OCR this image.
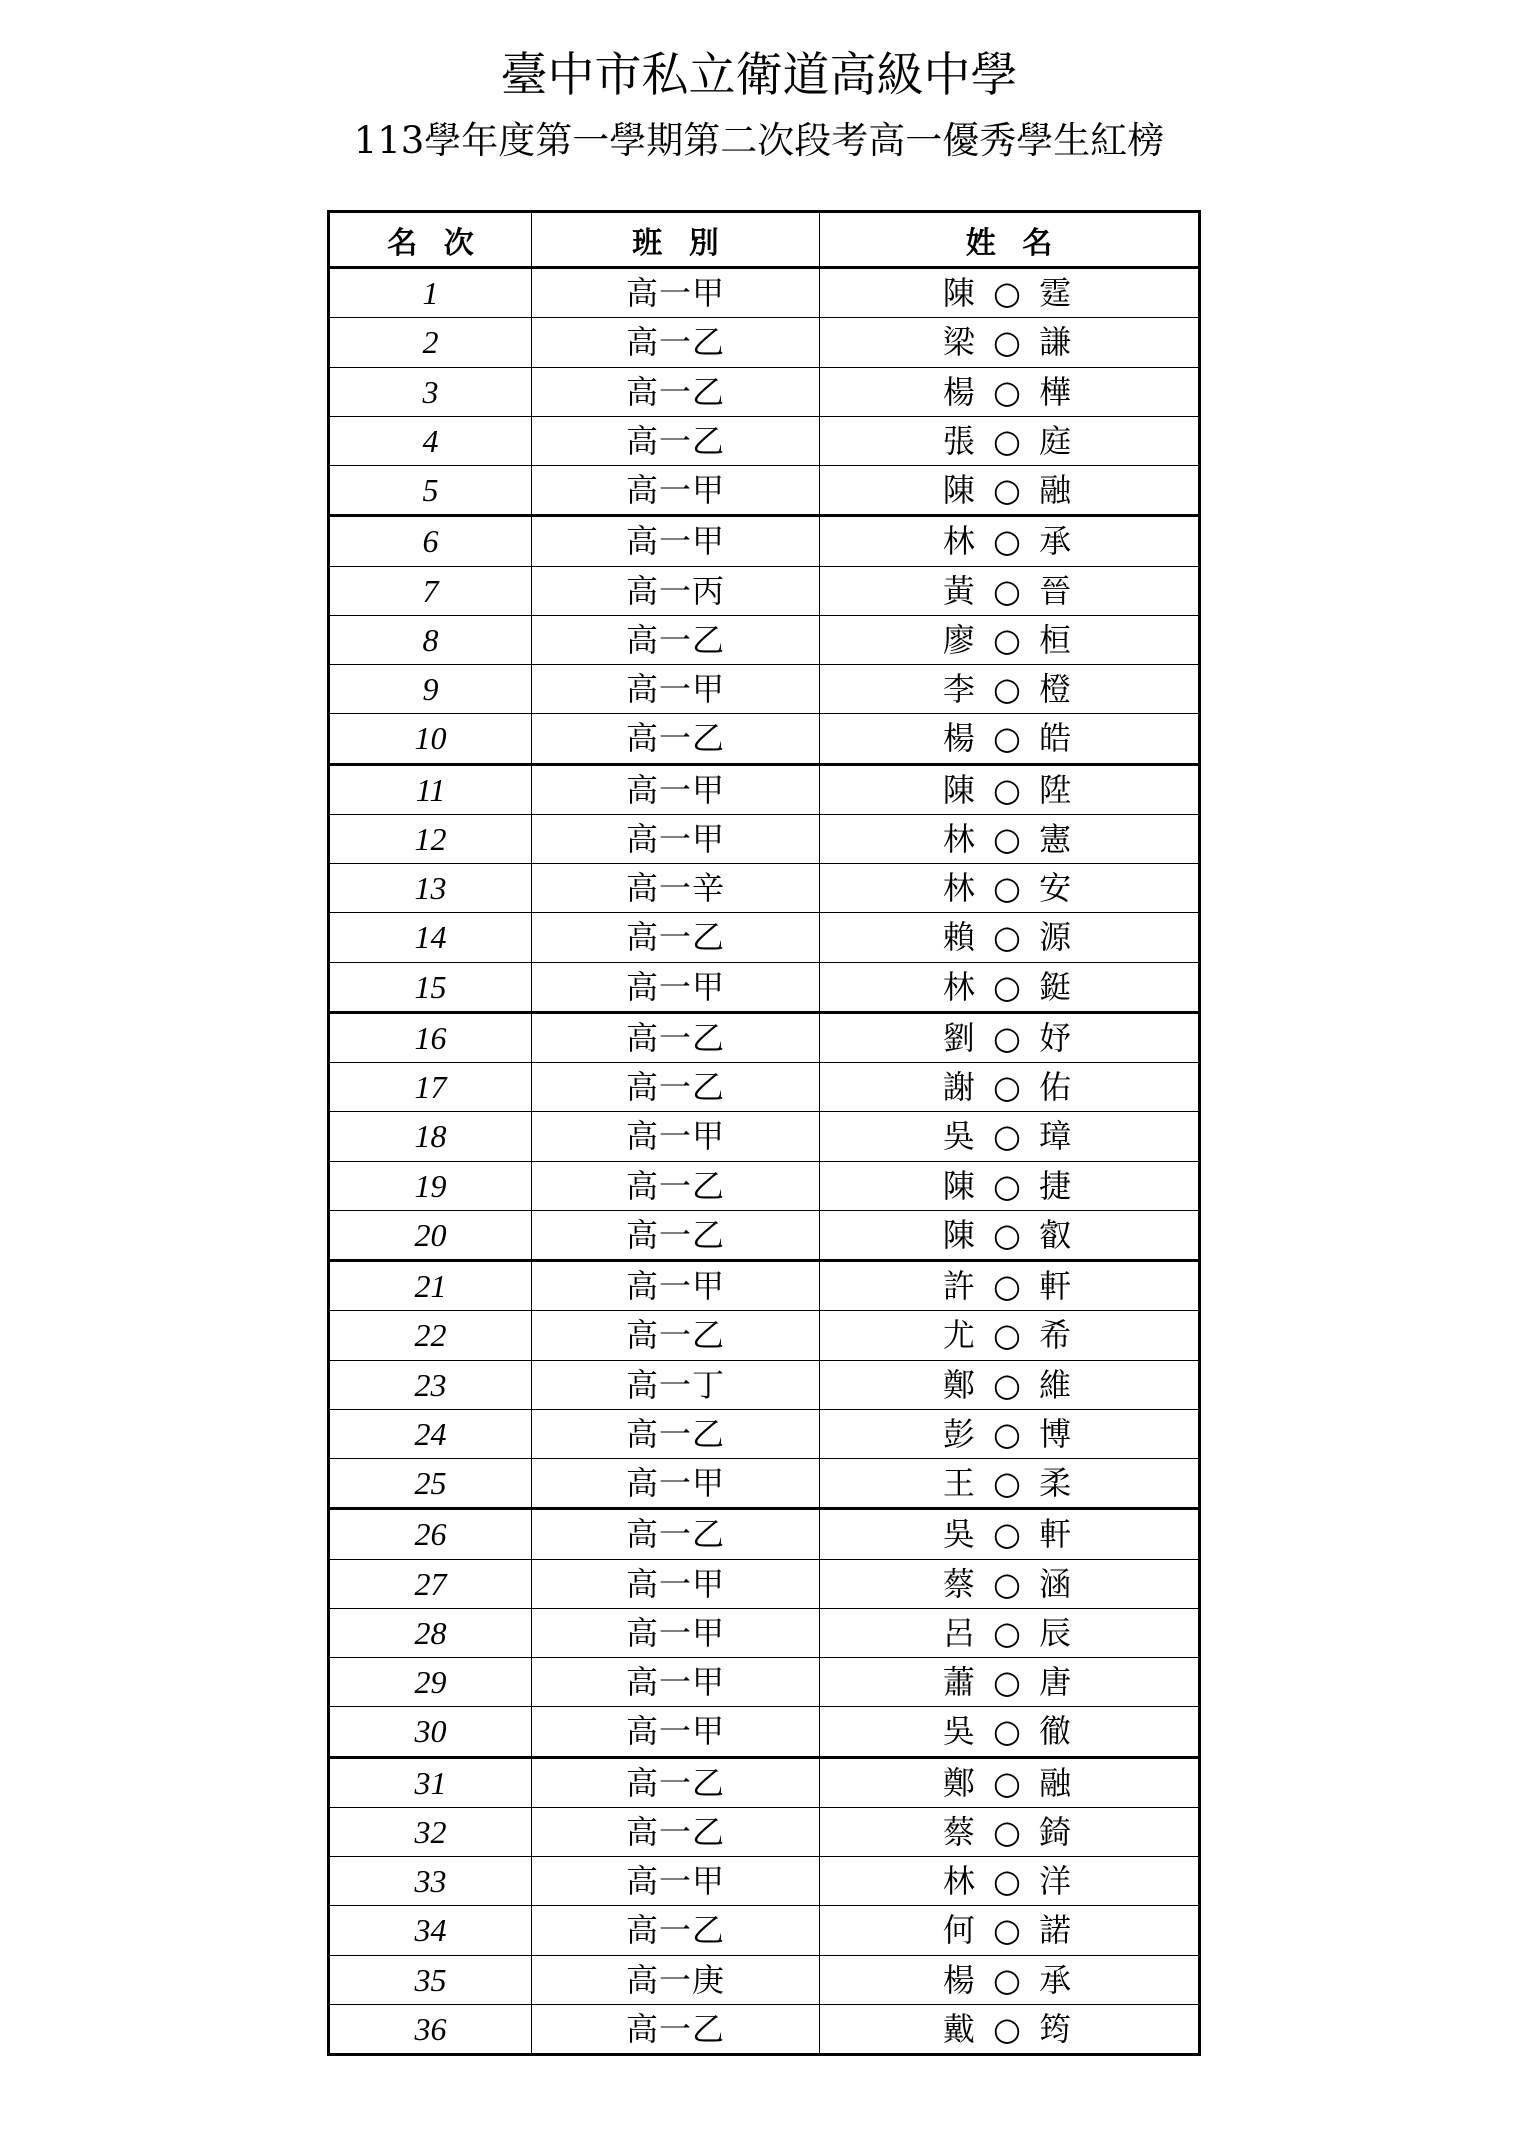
臺中市私立衛道高級中學
113學年度第一學期第二次段考高一優秀學生紅榜
名 次	班 別	姓 名
1	高一甲	陳 ○ 霆
2	高一乙	梁 ○ 謙
3	高一乙	楊 ○ 樺
4	高一乙	張 ○ 庭
5	高一甲	陳 ○ 融
6	高一甲	林 ○ 承
7	高一丙	黃 ○ 晉
8	高一乙	廖 ○ 桓
9	高一甲	李 ○ 橙
10	高一乙	楊 ○ 皓
11	高一甲	陳 ○ 陞
12	高一甲	林 ○ 憲
13	高一辛	林 ○ 安
14	高一乙	賴 ○ 源
15	高一甲	林 ○ 鋌
16	高一乙	劉 ○ 妤
17	高一乙	謝 ○ 佑
18	高一甲	吳 ○ 璋
19	高一乙	陳 ○ 捷
20	高一乙	陳 ○ 叡
21	高一甲	許 ○ 軒
22	高一乙	尤 ○ 希
23	高一丁	鄭 ○ 維
24	高一乙	彭 ○ 博
25	高一甲	王 ○ 柔
26	高一乙	吳 ○ 軒
27	高一甲	蔡 ○ 涵
28	高一甲	呂 ○ 辰
29	高一甲	蕭 ○ 唐
30	高一甲	吳 ○ 徹
31	高一乙	鄭 ○ 融
32	高一乙	蔡 ○ 錡
33	高一甲	林 ○ 洋
34	高一乙	何 ○ 諾
35	高一庚	楊 ○ 承
36	高一乙	戴 ○ 筠
